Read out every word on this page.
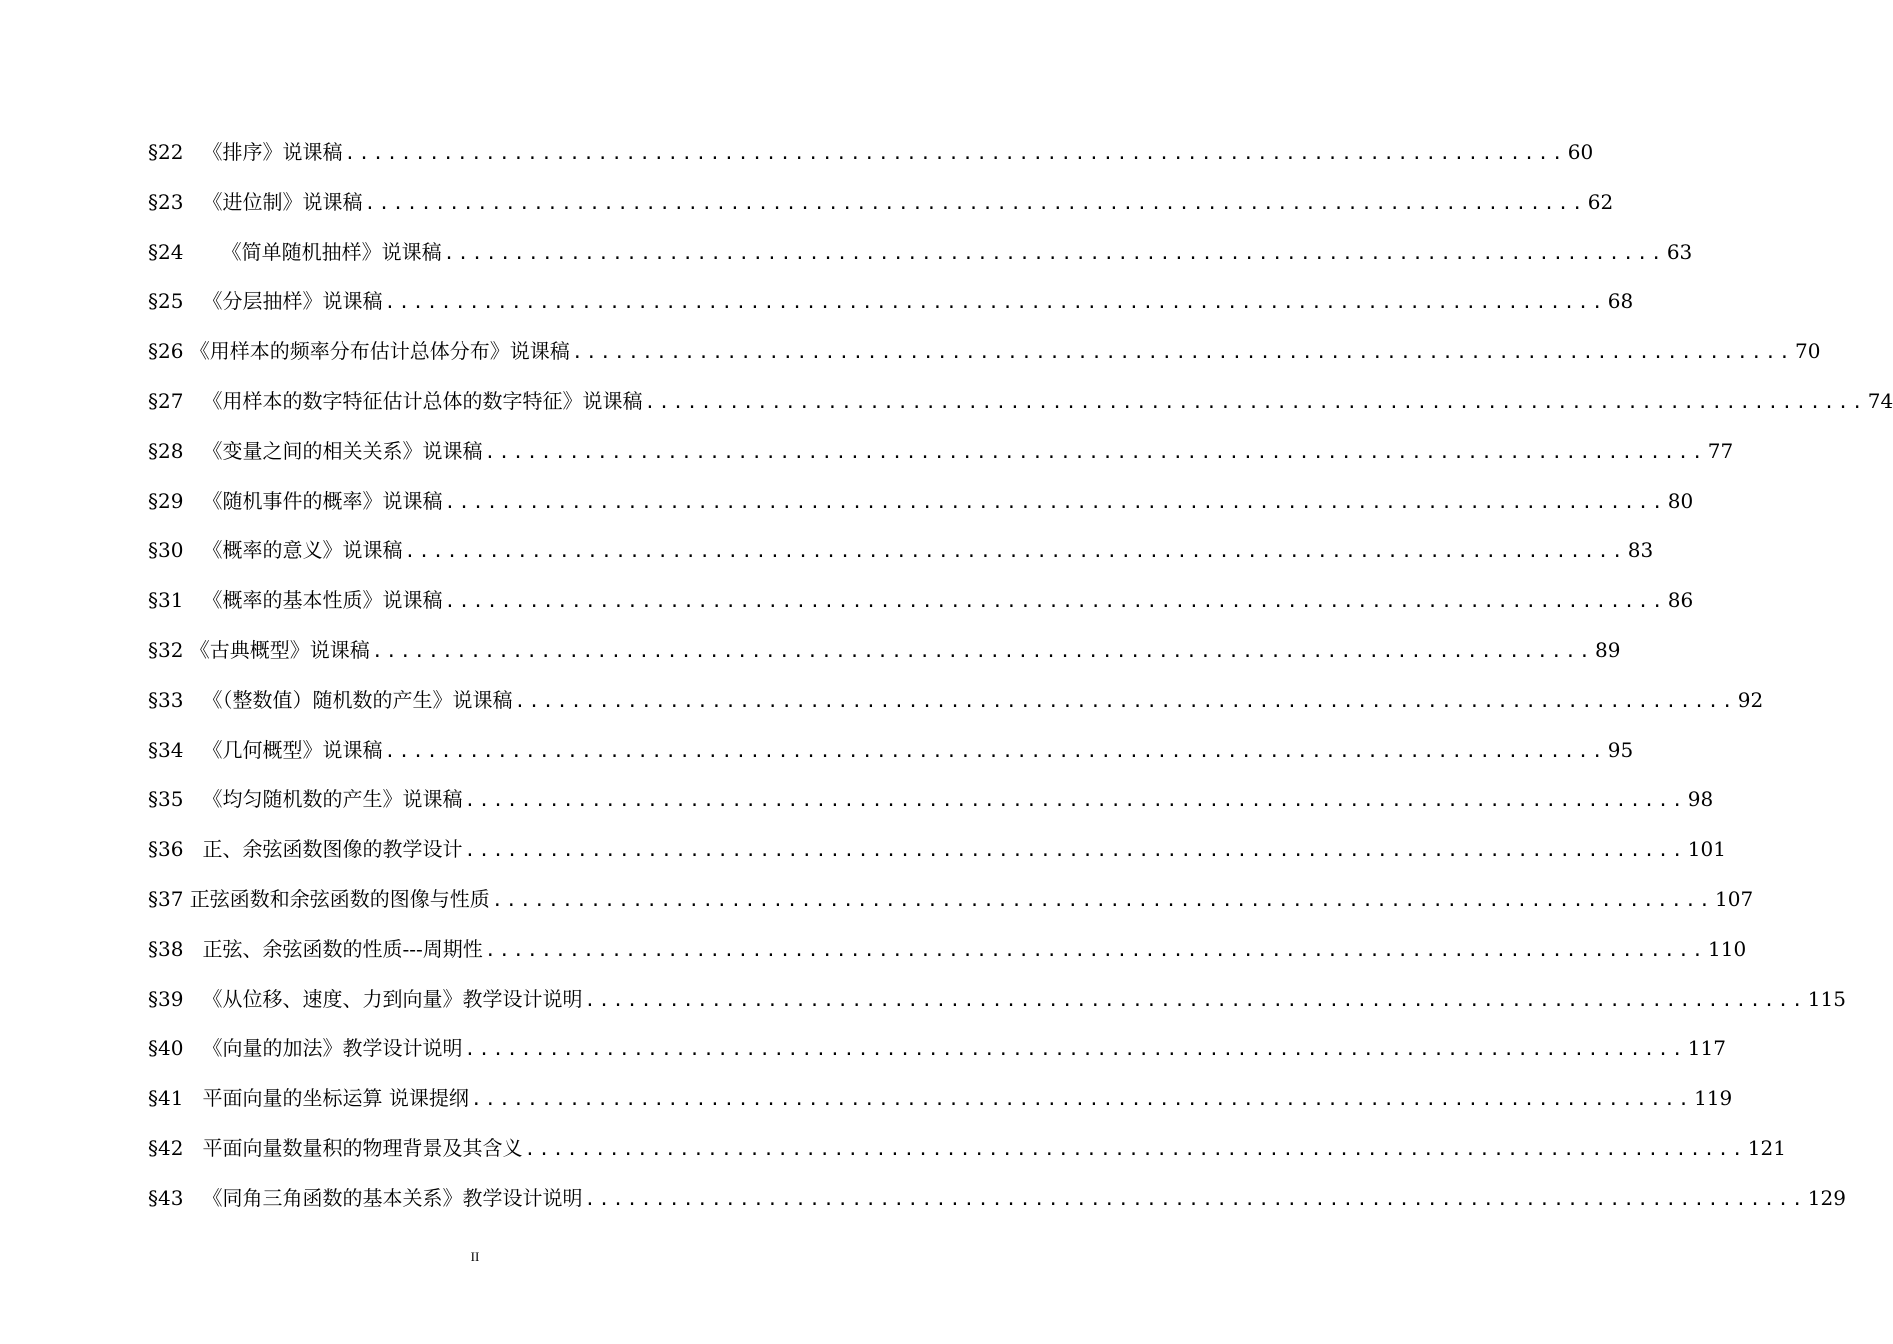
§22 《排序》说课稿 ....................................................................................... 60
§23 《进位制》说课稿 ....................................................................................... 62
§24 《简单随机抽样》说课稿 ....................................................................................... 63
§25 《分层抽样》说课稿 ....................................................................................... 68
§26 《用样本的频率分布估计总体分布》说课稿 ....................................................................................... 70
§27 《用样本的数字特征估计总体的数字特征》说课稿 ....................................................................................... 74
§28 《变量之间的相关关系》说课稿 ....................................................................................... 77
§29 《随机事件的概率》说课稿 ....................................................................................... 80
§30 《概率的意义》说课稿 ....................................................................................... 83
§31 《概率的基本性质》说课稿 ....................................................................................... 86
§32 《古典概型》说课稿 ....................................................................................... 89
§33 《（整数值）随机数的产生》说课稿 ....................................................................................... 92
§34 《几何概型》说课稿 ....................................................................................... 95
§35 《均匀随机数的产生》说课稿 ....................................................................................... 98
§36 正、余弦函数图像的教学设计 ....................................................................................... 101
§37 正弦函数和余弦函数的图像与性质 ....................................................................................... 107
§38 正弦、余弦函数的性质---周期性 ....................................................................................... 110
§39 《从位移、速度、力到向量》教学设计说明 ....................................................................................... 115
§40 《向量的加法》教学设计说明 ....................................................................................... 117
§41 平面向量的坐标运算 说课提纲 ....................................................................................... 119
§42 平面向量数量积的物理背景及其含义 ....................................................................................... 121
§43 《同角三角函数的基本关系》教学设计说明 ....................................................................................... 129
II
